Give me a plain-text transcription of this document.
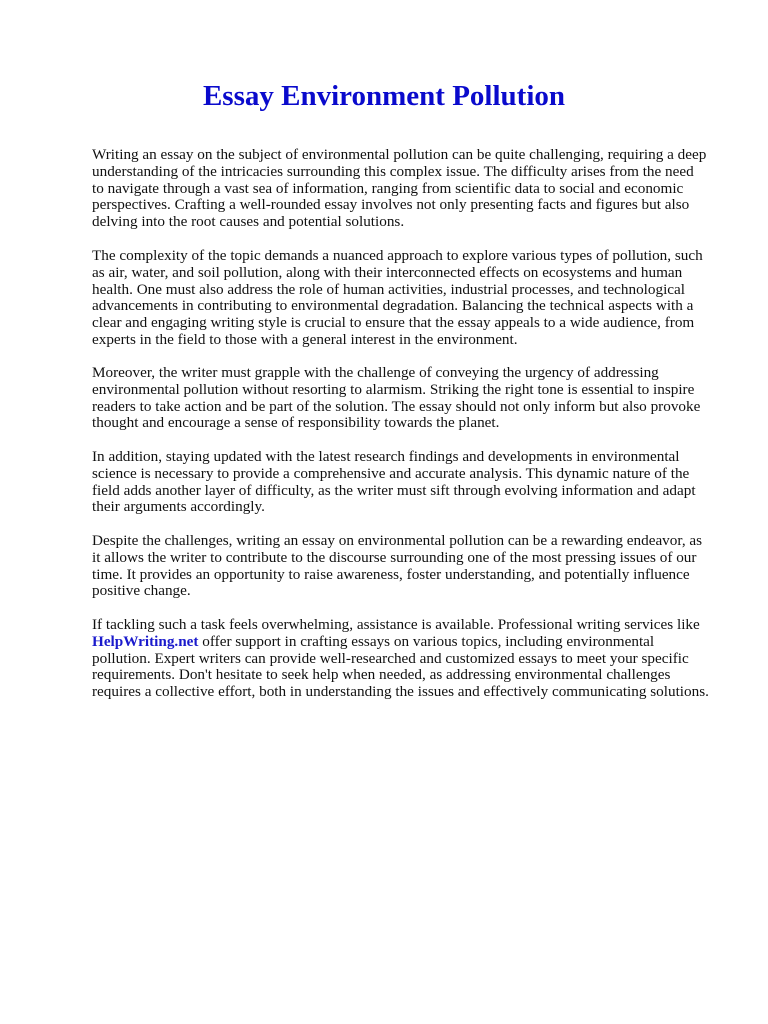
Essay Environment Pollution

Writing an essay on the subject of environmental pollution can be quite challenging, requiring a deep
understanding of the intricacies surrounding this complex issue. The difficulty arises from the need
to navigate through a vast sea of information, ranging from scientific data to social and economic
perspectives. Crafting a well-rounded essay involves not only presenting facts and figures but also
delving into the root causes and potential solutions.

The complexity of the topic demands a nuanced approach to explore various types of pollution, such
as air, water, and soil pollution, along with their interconnected effects on ecosystems and human
health. One must also address the role of human activities, industrial processes, and technological
advancements in contributing to environmental degradation. Balancing the technical aspects with a
clear and engaging writing style is crucial to ensure that the essay appeals to a wide audience, from
experts in the field to those with a general interest in the environment.

Moreover, the writer must grapple with the challenge of conveying the urgency of addressing
environmental pollution without resorting to alarmism. Striking the right tone is essential to inspire
readers to take action and be part of the solution. The essay should not only inform but also provoke
thought and encourage a sense of responsibility towards the planet.

In addition, staying updated with the latest research findings and developments in environmental
science is necessary to provide a comprehensive and accurate analysis. This dynamic nature of the
field adds another layer of difficulty, as the writer must sift through evolving information and adapt
their arguments accordingly.

Despite the challenges, writing an essay on environmental pollution can be a rewarding endeavor, as
it allows the writer to contribute to the discourse surrounding one of the most pressing issues of our
time. It provides an opportunity to raise awareness, foster understanding, and potentially influence
positive change.

If tackling such a task feels overwhelming, assistance is available. Professional writing services like
HelpWriting.net offer support in crafting essays on various topics, including environmental
pollution. Expert writers can provide well-researched and customized essays to meet your specific
requirements. Don't hesitate to seek help when needed, as addressing environmental challenges
requires a collective effort, both in understanding the issues and effectively communicating solutions.
